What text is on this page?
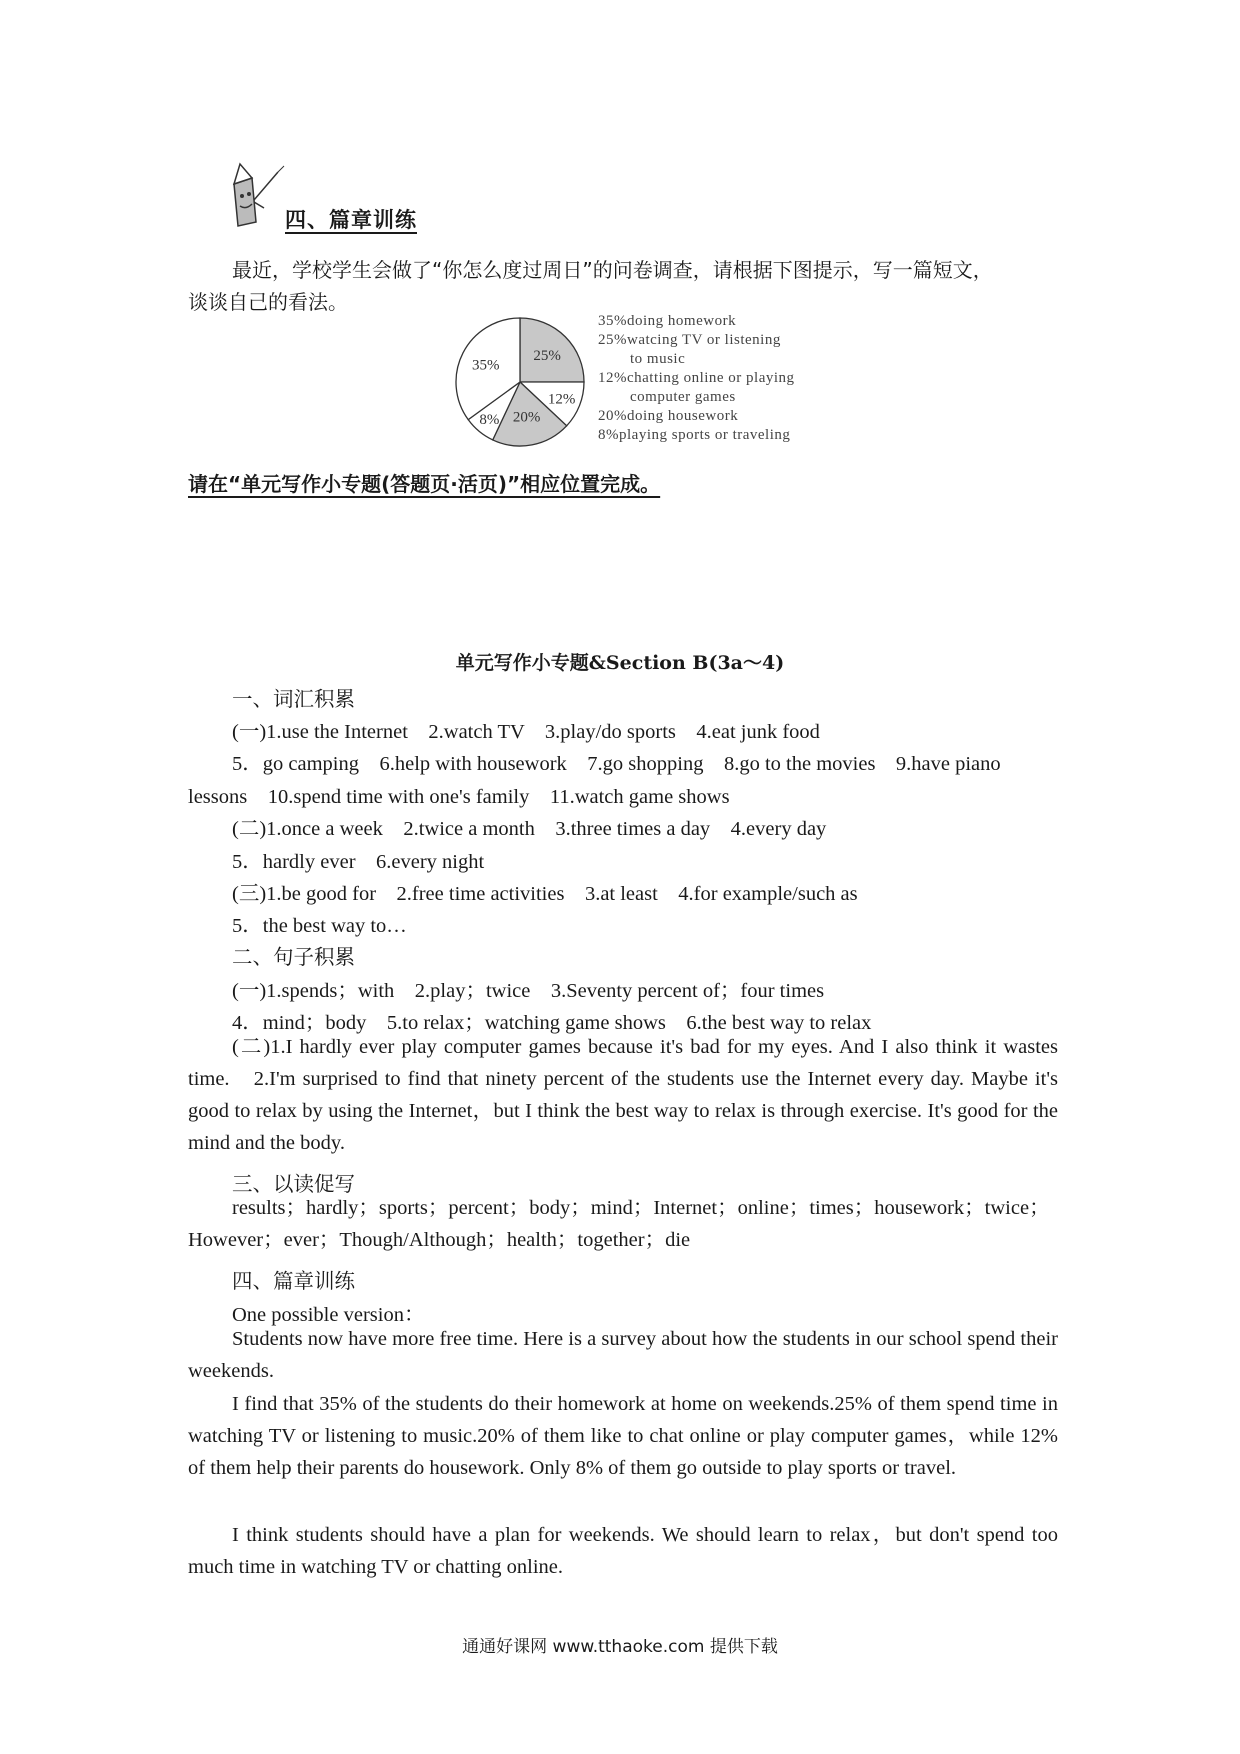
四、篇章训练
最近，学校学生会做了“你怎么度过周日”的问卷调查，请根据下图提示，写一篇短文，
谈谈自己的看法。
25%
12%
20%
8%
35%
35%doing homework
25%watcing TV or listening
to music
12%chatting online or playing
computer games
20%doing housework
8%playing sports or traveling
请在“单元写作小专题(答题页·活页)”相应位置完成。
单元写作小专题&Section B(3a～4)
一、词汇积累
(一)1.use the Internet　2.watch TV　3.play/do sports　4.eat junk food
5．go camping　6.help with housework　7.go shopping　8.go to the movies　9.have piano
lessons　10.spend time with one's family　11.watch game shows
(二)1.once a week　2.twice a month　3.three times a day　4.every day
5．hardly ever　6.every night
(三)1.be good for　2.free time activities　3.at least　4.for example/such as
5．the best way to…
二、句子积累
(一)1.spends；with　2.play；twice　3.Seventy percent of；four times
4．mind；body　5.to relax；watching game shows　6.the best way to relax
(二)1.I hardly ever play computer games because it's bad for my eyes. And I also think it wastes time.　2.I'm surprised to find that ninety percent of the students use the Internet every day. Maybe it's good to relax by using the Internet，but I think the best way to relax is through exercise. It's good for the mind and the body.
三、以读促写
results；hardly；sports；percent；body；mind；Internet；online；times；housework；twice；However；ever；Though/Although；health；together；die
四、篇章训练
One possible version：
Students now have more free time. Here is a survey about how the students in our school spend their weekends.
I find that 35% of the students do their homework at home on weekends.25% of them spend time in watching TV or listening to music.20% of them like to chat online or play computer games，while 12% of them help their parents do housework. Only 8% of them go outside to play sports or travel.
I think students should have a plan for weekends. We should learn to relax，but don't spend too much time in watching TV or chatting online.
通通好课网 www.tthaoke.com 提供下载
